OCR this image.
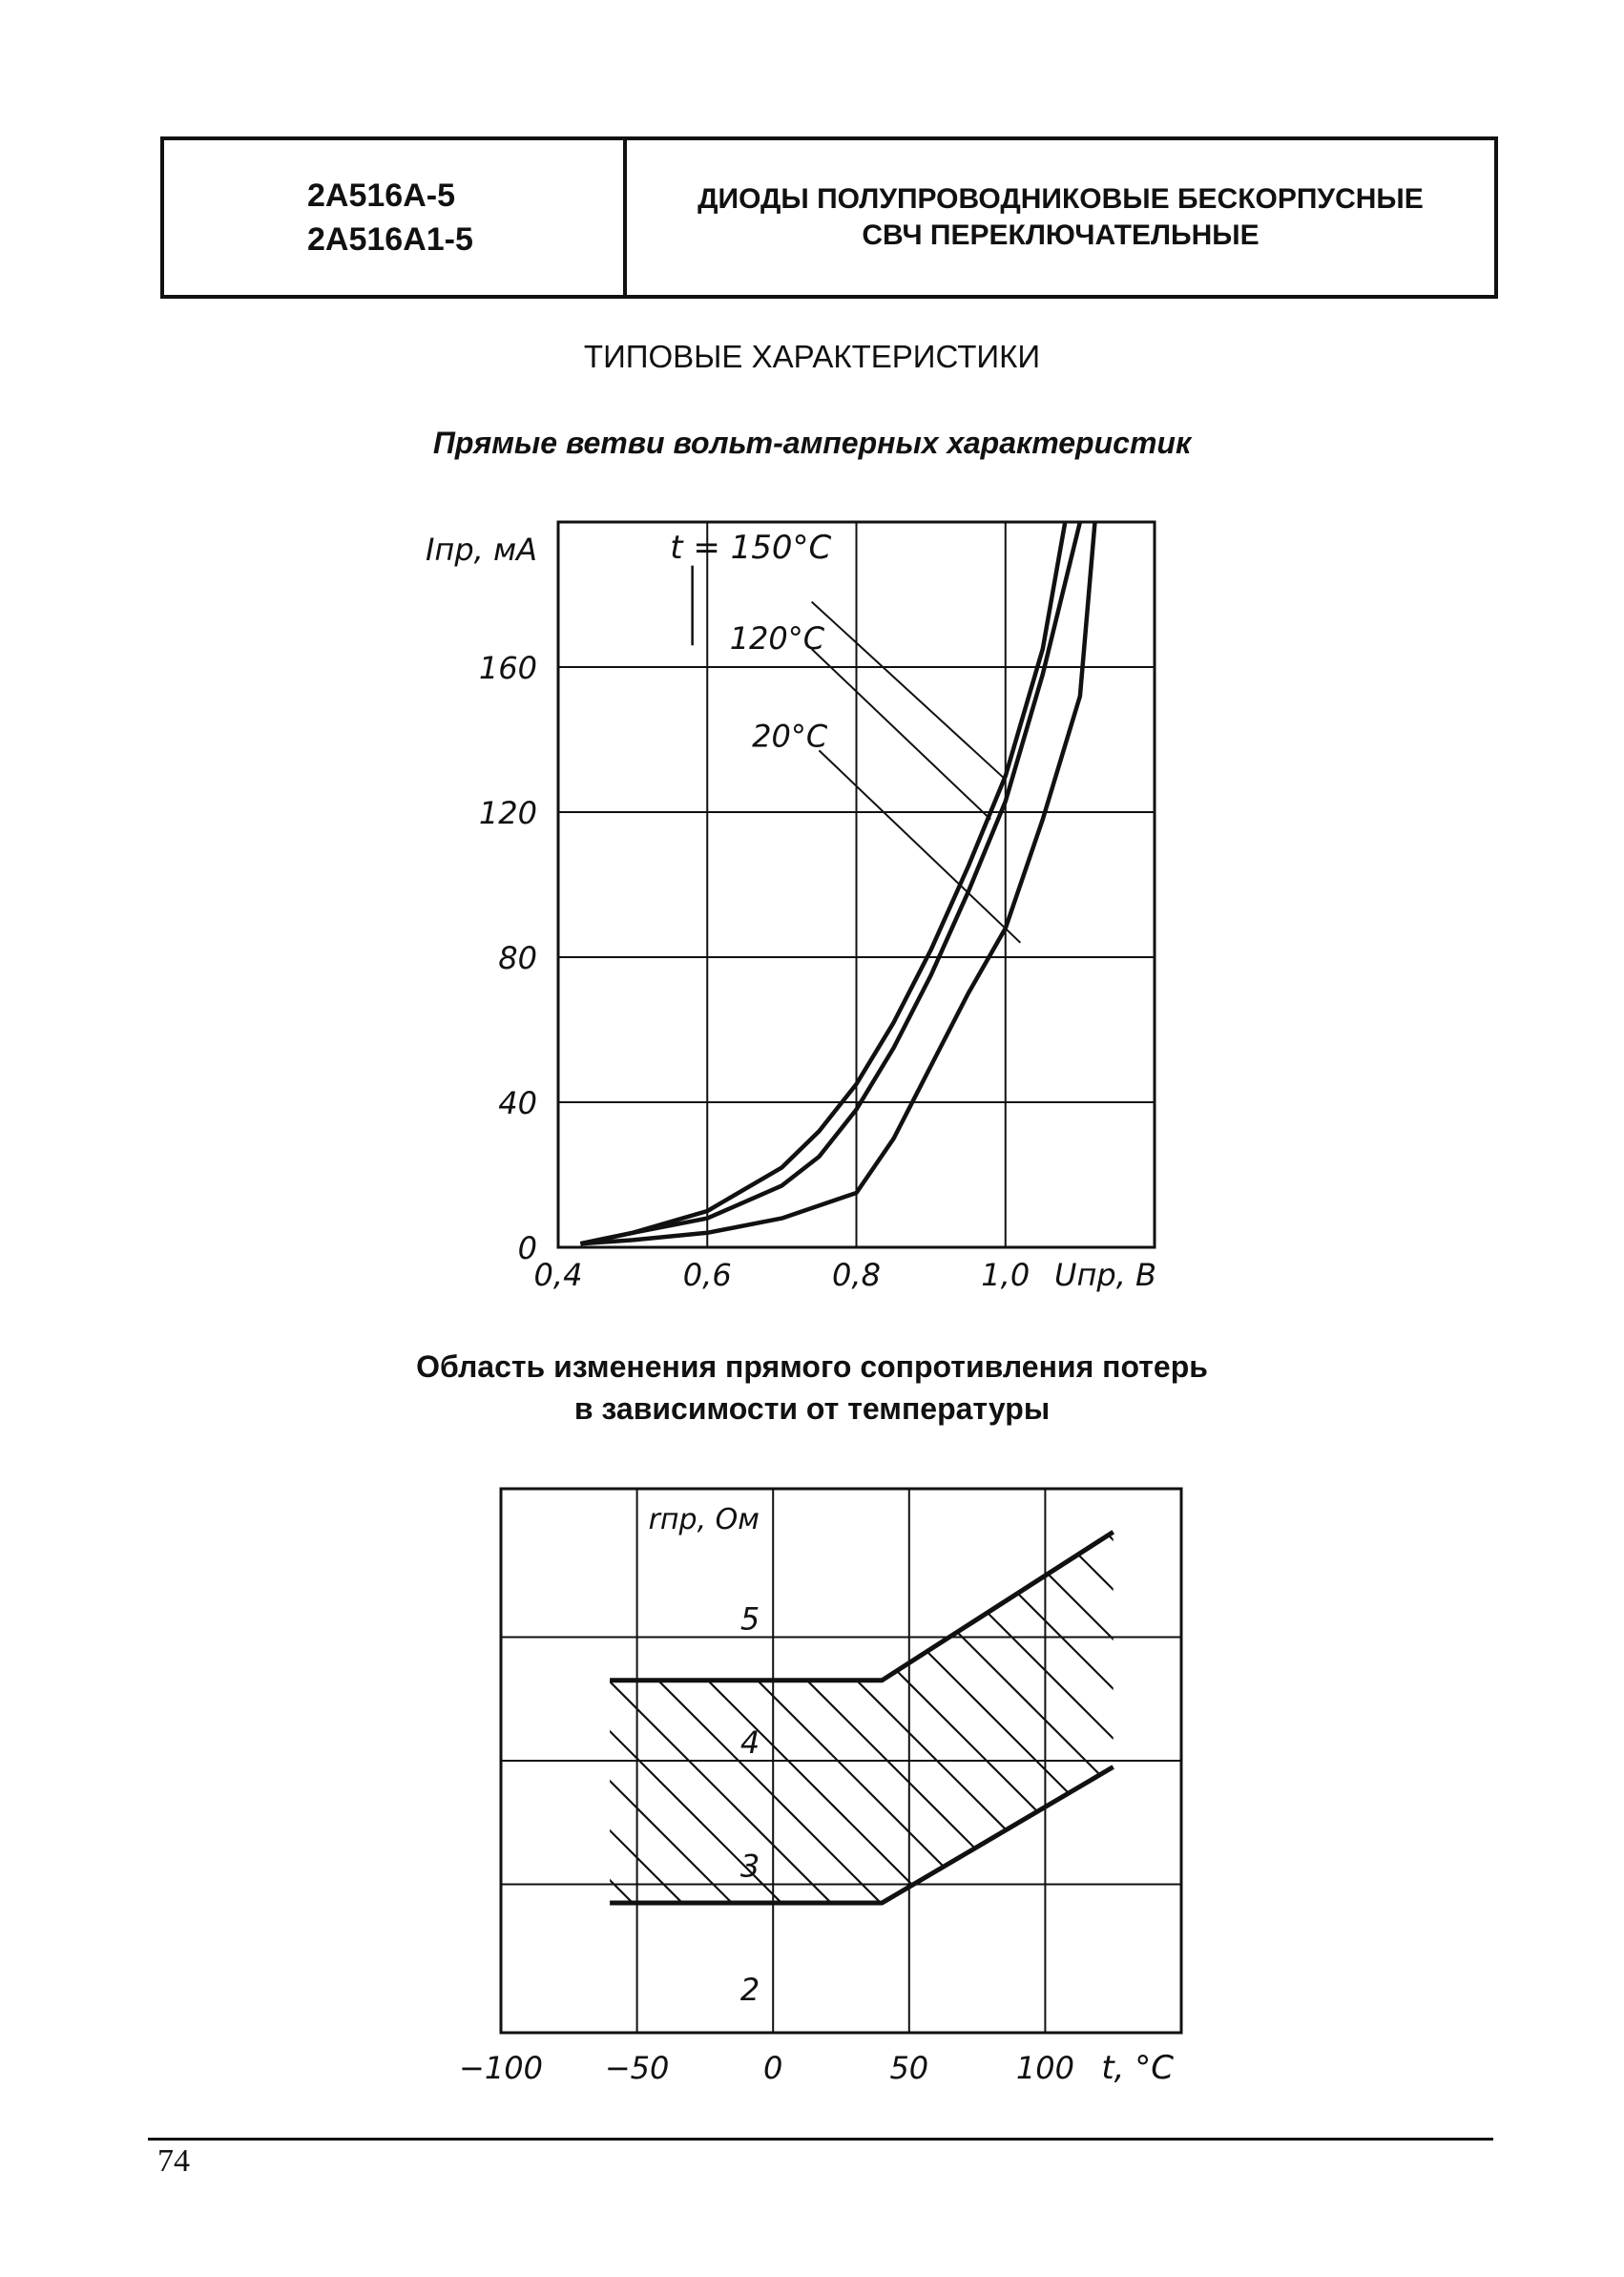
2А516А-5
2А516А1-5
ДИОДЫ ПОЛУПРОВОДНИКОВЫЕ БЕСКОРПУСНЫЕ
СВЧ ПЕРЕКЛЮЧАТЕЛЬНЫЕ
ТИПОВЫЕ ХАРАКТЕРИСТИКИ
Прямые ветви вольт-амперных характеристик
t = 150°C
120°C
20°C
0
40
80
120
160
0,4	0,6	0,8	1,0
Iпр, мА
Uпр, В
Область изменения прямого сопротивления потерь
в зависимости от температуры
2
3
4
5
rпр, Ом
−100 −50	0	50	100 t, °C
74
